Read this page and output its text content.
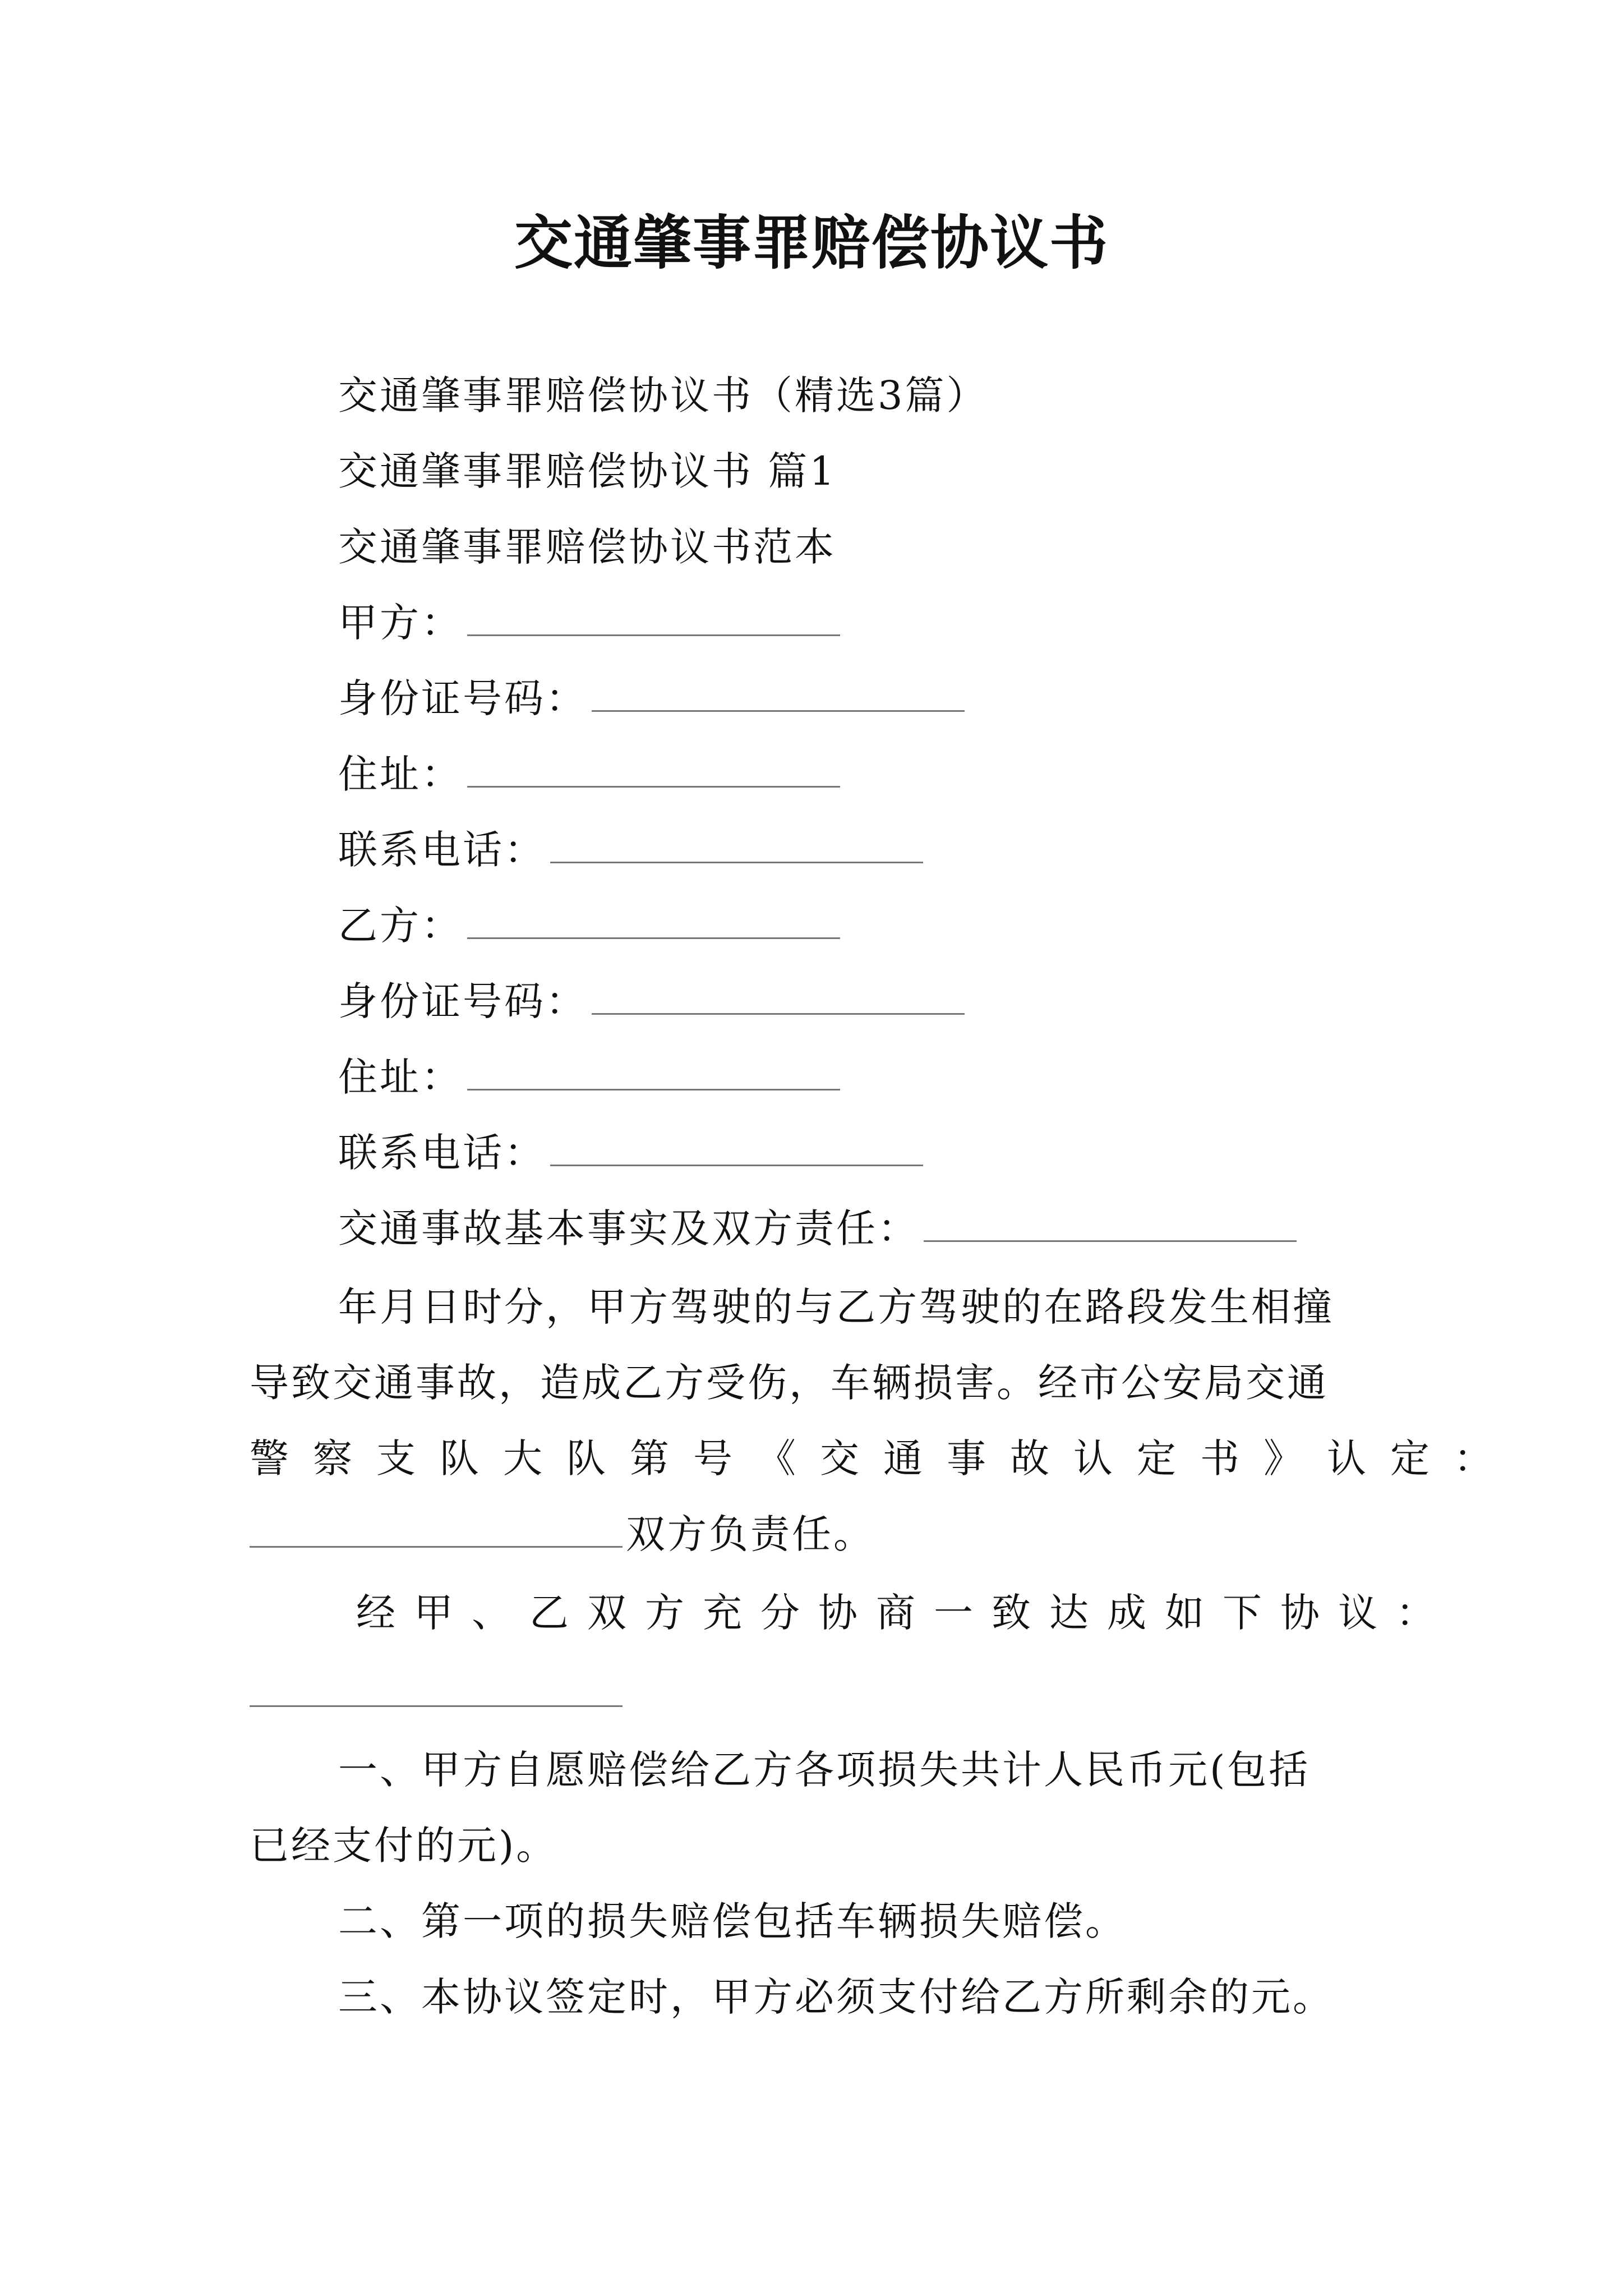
交通肇事罪赔偿协议书
交通肇事罪赔偿协议书（精选3篇）
交通肇事罪赔偿协议书 篇1
交通肇事罪赔偿协议书范本
甲方：
身份证号码：
住址：
联系电话：
乙方：
身份证号码：
住址：
联系电话：
交通事故基本事实及双方责任：
年月日时分，甲方驾驶的与乙方驾驶的在路段发生相撞
导致交通事故，造成乙方受伤，车辆损害。经市公安局交通
警察支队大队第号《交通事故认定书》认定：
双方负责任。
经甲、乙双方充分协商一致达成如下协议：
一、甲方自愿赔偿给乙方各项损失共计人民币元(包括
已经支付的元)。
二、第一项的损失赔偿包括车辆损失赔偿。
三、本协议签定时，甲方必须支付给乙方所剩余的元。
